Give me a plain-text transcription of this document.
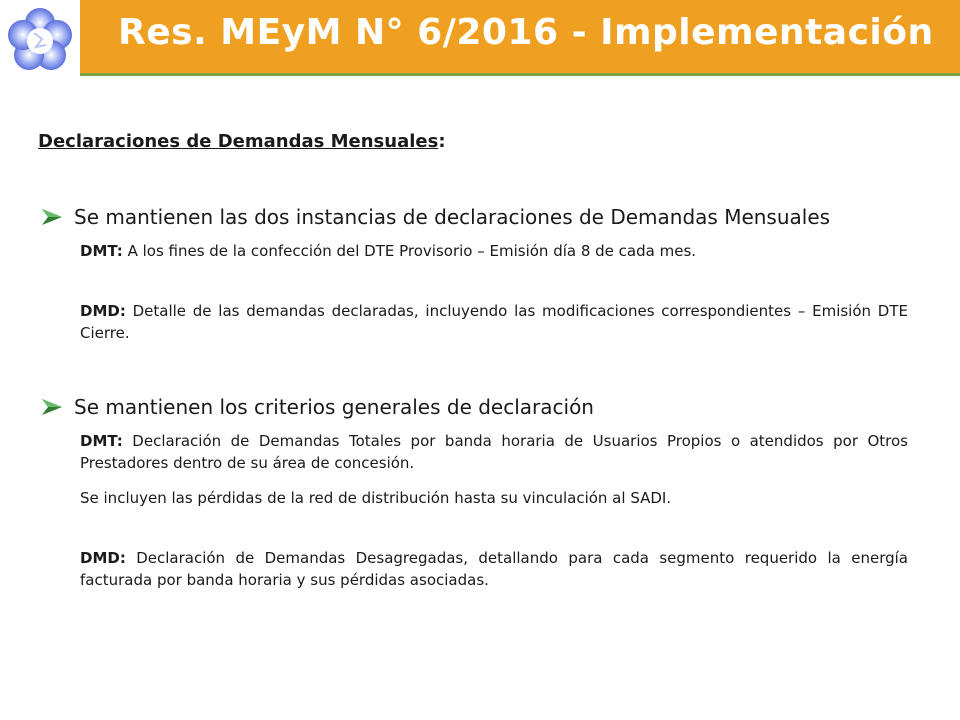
Res. MEyM N° 6/2016 - Implementación
Declaraciones de Demandas Mensuales:
Se mantienen las dos instancias de declaraciones de Demandas Mensuales
DMT: A los fines de la confección del DTE Provisorio – Emisión día 8 de cada mes.
DMD: Detalle de las demandas declaradas, incluyendo las modificaciones correspondientes – Emisión DTE Cierre.
Se mantienen los criterios generales de declaración
DMT: Declaración de Demandas Totales por banda horaria de Usuarios Propios o atendidos por Otros Prestadores dentro de su área de concesión.
Se incluyen las pérdidas de la red de distribución hasta su vinculación al SADI.
DMD: Declaración de Demandas Desagregadas, detallando para cada segmento requerido la energía facturada por banda horaria y sus pérdidas asociadas.
